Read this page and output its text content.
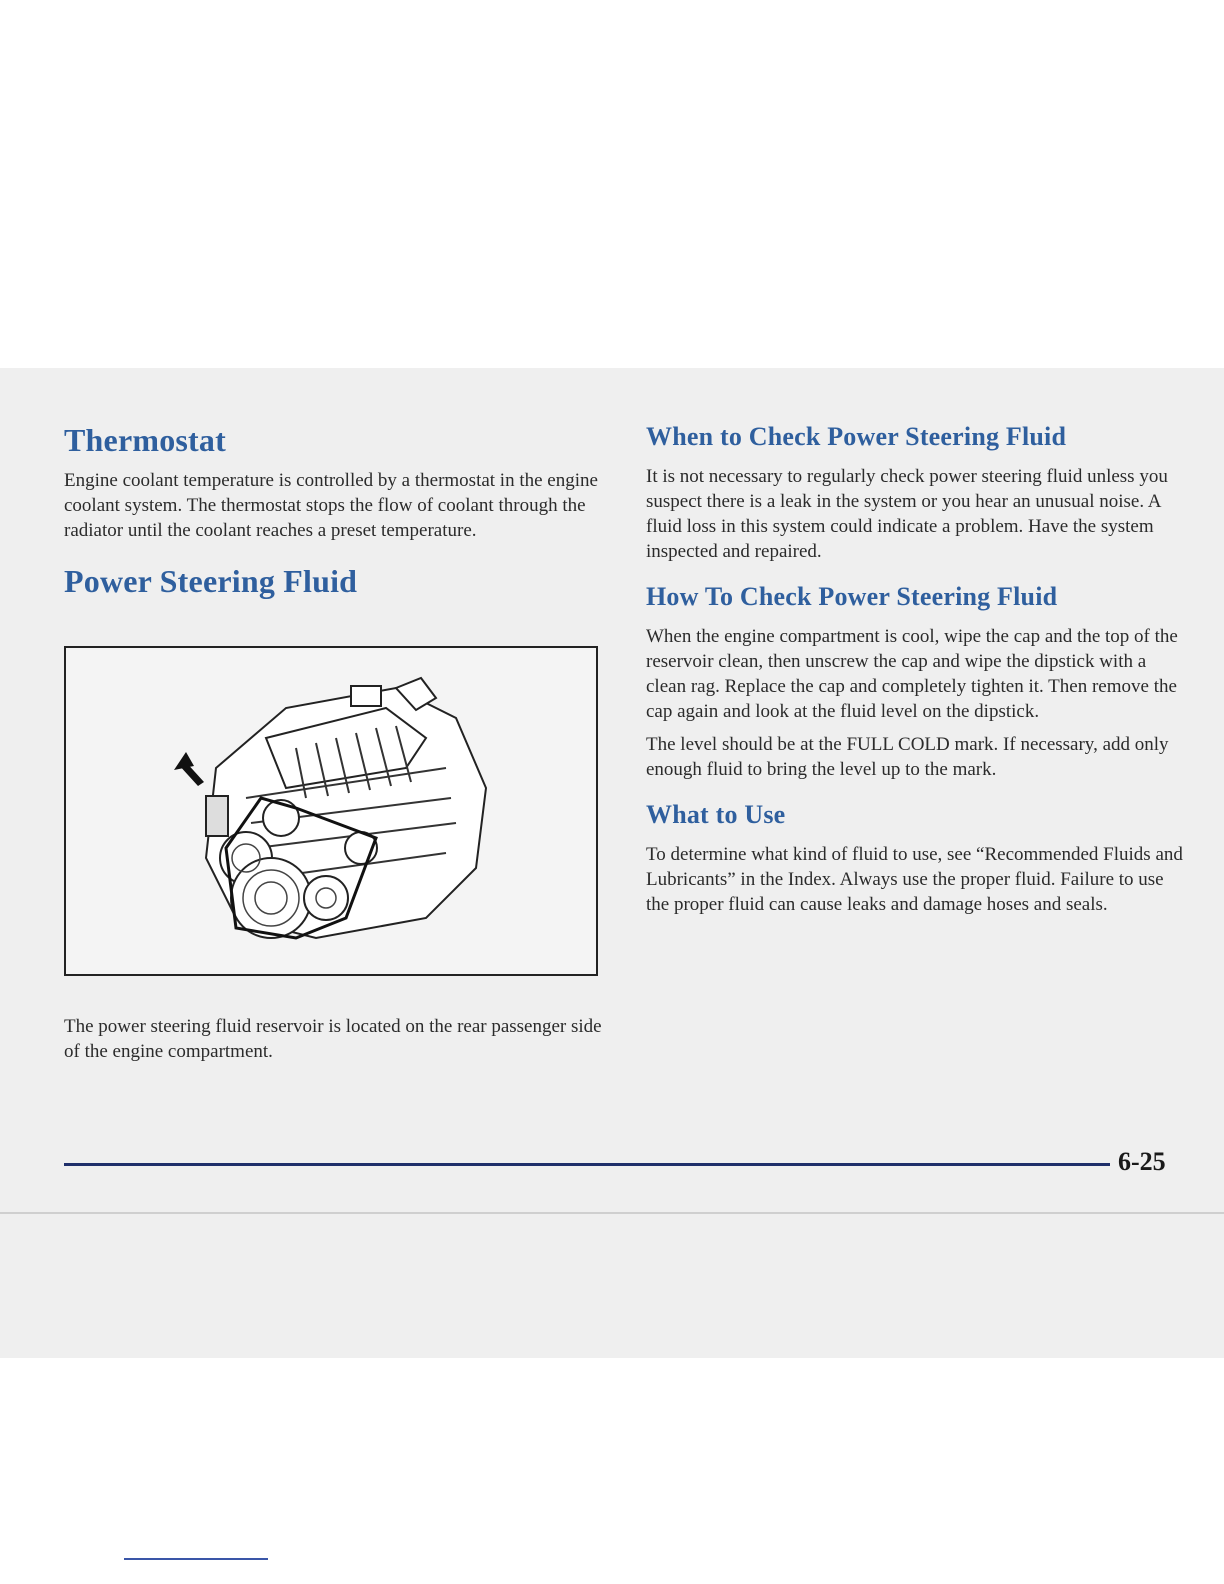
Thermostat

Engine coolant temperature is controlled by a thermostat in the engine coolant system. The thermostat stops the flow of coolant through the radiator until the coolant reaches a preset temperature.

Power Steering Fluid

The power steering fluid reservoir is located on the rear passenger side of the engine compartment.

When to Check Power Steering Fluid

It is not necessary to regularly check power steering fluid unless you suspect there is a leak in the system or you hear an unusual noise. A fluid loss in this system could indicate a problem. Have the system inspected and repaired.

How To Check Power Steering Fluid

When the engine compartment is cool, wipe the cap and the top of the reservoir clean, then unscrew the cap and wipe the dipstick with a clean rag. Replace the cap and completely tighten it. Then remove the cap again and look at the fluid level on the dipstick.

The level should be at the FULL COLD mark. If necessary, add only enough fluid to bring the level up to the mark.

What to Use

To determine what kind of fluid to use, see “Recommended Fluids and Lubricants” in the Index. Always use the proper fluid. Failure to use the proper fluid can cause leaks and damage hoses and seals.

6-25
